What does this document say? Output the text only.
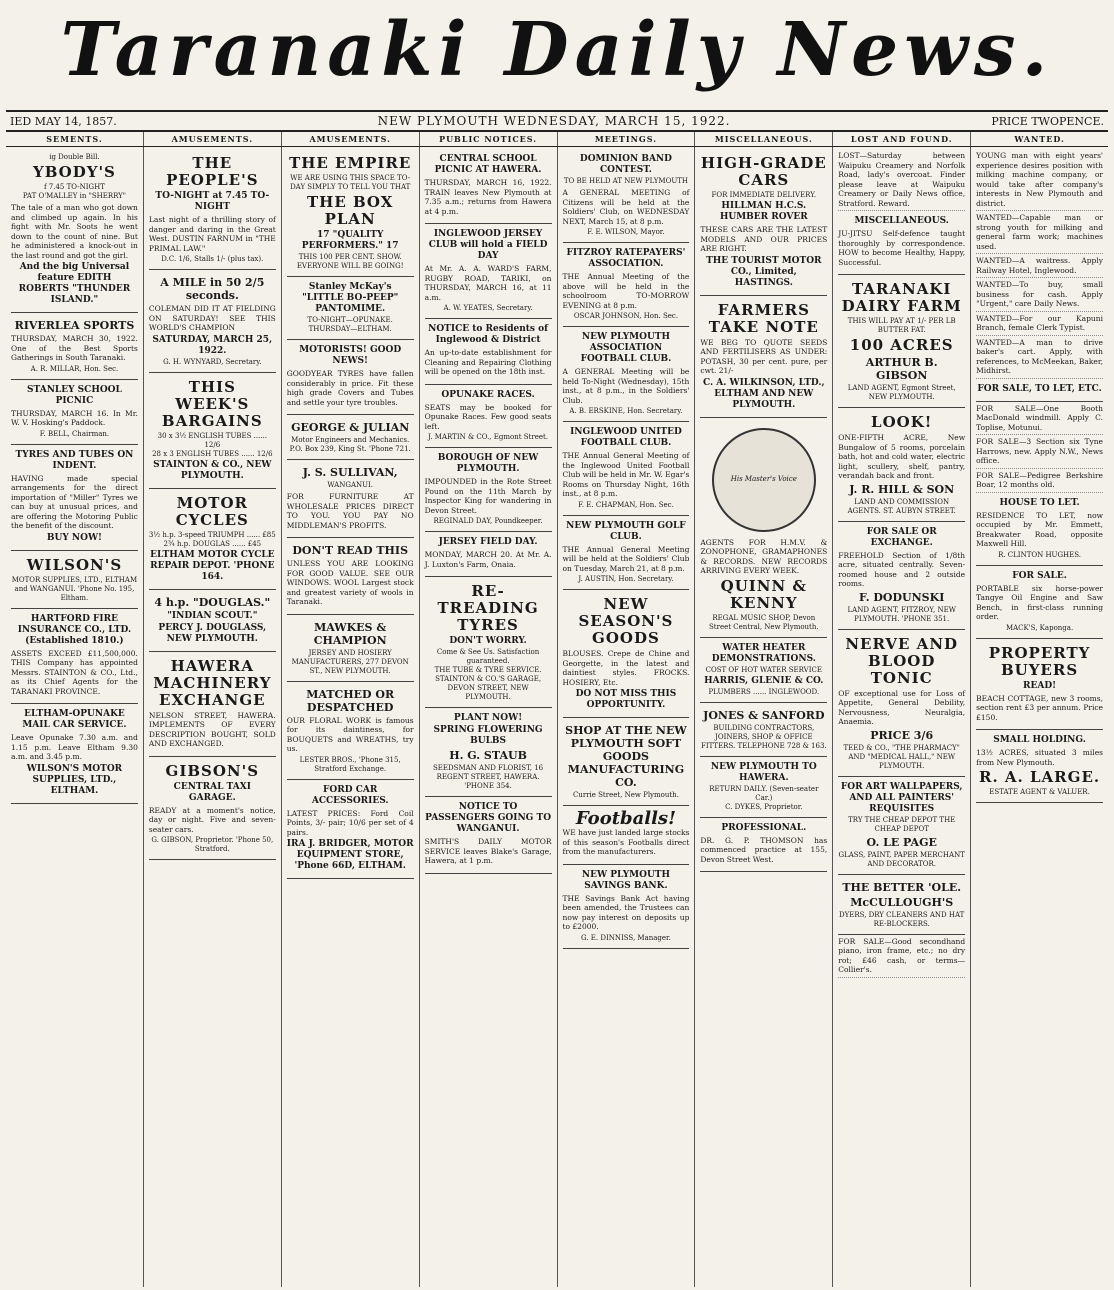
Taranaki Daily News.
IED MAY 14, 1857.	NEW PLYMOUTH WEDNESDAY, MARCH 15, 1922.	PRICE TWOPENCE.
SEMENTS.	AMUSEMENTS.	AMUSEMENTS.	PUBLIC NOTICES.	MEETINGS.	MISCELLANEOUS.	LOST AND FOUND.	WANTED.
ig Double Bill.
YBODY'S
f 7.45 TO-NIGHT
PAT O'MALLEY in "SHERRY"
The tale of a man who got down and climbed up again. In his fight with Mr. Soots he went down to the count of nine. But he administered a knock-out in the last round and got the girl.
And the big Universal feature EDITH ROBERTS "THUNDER ISLAND."
RIVERLEA SPORTS
THURSDAY, MARCH 30, 1922. One of the Best Sports Gatherings in South Taranaki.
A. R. MILLAR, Hon. Sec.
STANLEY SCHOOL PICNIC
THURSDAY, MARCH 16. In Mr. W. V. Hosking's Paddock.
F. BELL, Chairman.
TYRES AND TUBES ON INDENT.
HAVING made special arrangements for the direct importation of "Miller" Tyres we can buy at unusual prices, and are offering the Motoring Public the benefit of the discount.
BUY NOW!
WILSON'S
MOTOR SUPPLIES, LTD., ELTHAM and WANGANUI. 'Phone No. 195, Eltham.
HARTFORD FIRE INSURANCE CO., LTD. (Established 1810.)
ASSETS EXCEED £11,500,000. THIS Company has appointed Messrs. STAINTON & CO., Ltd., as its Chief Agents for the TARANAKI PROVINCE.
ELTHAM-OPUNAKE MAIL CAR SERVICE.
Leave Opunake 7.30 a.m. and 1.15 p.m. Leave Eltham 9.30 a.m. and 3.45 p.m.
WILSON'S MOTOR SUPPLIES, LTD., ELTHAM.
THE PEOPLE'S
TO-NIGHT at 7.45 TO-NIGHT
Last night of a thrilling story of danger and daring in the Great West. DUSTIN FARNUM in "THE PRIMAL LAW."
D.C. 1/6, Stalls 1/- (plus tax).
A MILE in 50 2/5 seconds.
COLEMAN DID IT AT FIELDING ON SATURDAY! SEE THIS WORLD'S CHAMPION
SATURDAY, MARCH 25, 1922.
G. H. WYNYARD, Secretary.
THIS WEEK'S BARGAINS
30 x 3½ ENGLISH TUBES ...... 12/6
28 x 3 ENGLISH TUBES ...... 12/6
STAINTON & CO., NEW PLYMOUTH.
MOTOR CYCLES
3½ h.p. 3-speed TRIUMPH ...... £85
2¾ h.p. DOUGLAS ...... £45
ELTHAM MOTOR CYCLE REPAIR DEPOT. 'PHONE 164.
4 h.p. "DOUGLAS."
"INDIAN SCOUT."
PERCY J. DOUGLASS, NEW PLYMOUTH.
HAWERA MACHINERY EXCHANGE
NELSON STREET, HAWERA. IMPLEMENTS OF EVERY DESCRIPTION BOUGHT, SOLD AND EXCHANGED.
GIBSON'S
CENTRAL TAXI GARAGE.
READY at a moment's notice, day or night. Five and seven-seater cars.
G. GIBSON, Proprietor. 'Phone 50, Stratford.
THE EMPIRE
WE ARE USING THIS SPACE TO-DAY SIMPLY TO TELL YOU THAT
THE BOX PLAN
17 "QUALITY PERFORMERS." 17
THIS 100 PER CENT. SHOW. EVERYONE WILL BE GOING!
Stanley McKay's "LITTLE BO-PEEP" PANTOMIME.
TO-NIGHT—OPUNAKE. THURSDAY—ELTHAM.
MOTORISTS! GOOD NEWS!
GOODYEAR TYRES have fallen considerably in price. Fit these high grade Covers and Tubes and settle your tyre troubles.
GEORGE & JULIAN
Motor Engineers and Mechanics. P.O. Box 239, King St. 'Phone 721.
J. S. SULLIVAN,
WANGANUI.
FOR FURNITURE AT WHOLESALE PRICES DIRECT TO YOU. YOU PAY NO MIDDLEMAN'S PROFITS.
DON'T READ THIS
UNLESS YOU ARE LOOKING FOR GOOD VALUE. SEE OUR WINDOWS. WOOL Largest stock and greatest variety of wools in Taranaki.
MAWKES & CHAMPION
JERSEY AND HOSIERY MANUFACTURERS, 277 DEVON ST., NEW PLYMOUTH.
MATCHED OR DESPATCHED
OUR FLORAL WORK is famous for its daintiness, for BOUQUETS and WREATHS, try us.
LESTER BROS., 'Phone 315, Stratford Exchange.
FORD CAR ACCESSORIES.
LATEST PRICES: Ford Coil Points, 3/- pair; 10/6 per set of 4 pairs.
IRA J. BRIDGER, MOTOR EQUIPMENT STORE, 'Phone 66D, ELTHAM.
CENTRAL SCHOOL PICNIC AT HAWERA.
THURSDAY, MARCH 16, 1922. TRAIN leaves New Plymouth at 7.35 a.m.; returns from Hawera at 4 p.m.
INGLEWOOD JERSEY CLUB will hold a FIELD DAY
At Mr. A. A. WARD'S FARM, RUGBY ROAD, TARIKI, on THURSDAY, MARCH 16, at 11 a.m.
A. W. YEATES, Secretary.
NOTICE to Residents of Inglewood & District
An up-to-date establishment for Cleaning and Repairing Clothing will be opened on the 18th inst.
OPUNAKE RACES.
SEATS may be booked for Opunake Races. Few good seats left.
J. MARTIN & CO., Egmont Street.
BOROUGH OF NEW PLYMOUTH.
IMPOUNDED in the Rote Street Pound on the 11th March by Inspector King for wandering in Devon Street.
REGINALD DAY, Poundkeeper.
JERSEY FIELD DAY.
MONDAY, MARCH 20. At Mr. A. J. Luxton's Farm, Onaia.
RE-TREADING TYRES
DON'T WORRY.
Come & See Us. Satisfaction guaranteed.
THE TUBE & TYRE SERVICE. STAINTON & CO.'S GARAGE, DEVON STREET, NEW PLYMOUTH.
PLANT NOW!
SPRING FLOWERING BULBS
H. G. STAUB
SEEDSMAN AND FLORIST, 16 REGENT STREET, HAWERA. 'PHONE 354.
NOTICE TO PASSENGERS GOING TO WANGANUI.
SMITH'S DAILY MOTOR SERVICE leaves Blake's Garage, Hawera, at 1 p.m.
DOMINION BAND CONTEST.
TO BE HELD AT NEW PLYMOUTH
A GENERAL MEETING of Citizens will be held at the Soldiers' Club, on WEDNESDAY NEXT, March 15, at 8 p.m.
F. E. WILSON, Mayor.
FITZROY RATEPAYERS' ASSOCIATION.
THE Annual Meeting of the above will be held in the schoolroom TO-MORROW EVENING at 8 p.m.
OSCAR JOHNSON, Hon. Sec.
NEW PLYMOUTH ASSOCIATION FOOTBALL CLUB.
A GENERAL Meeting will be held To-Night (Wednesday), 15th inst., at 8 p.m., in the Soldiers' Club.
A. B. ERSKINE, Hon. Secretary.
INGLEWOOD UNITED FOOTBALL CLUB.
THE Annual General Meeting of the Inglewood United Football Club will be held in Mr. W. Egar's Rooms on Thursday Night, 16th inst., at 8 p.m.
F. E. CHAPMAN, Hon. Sec.
NEW PLYMOUTH GOLF CLUB.
THE Annual General Meeting will be held at the Soldiers' Club on Tuesday, March 21, at 8 p.m.
J. AUSTIN, Hon. Secretary.
NEW SEASON'S GOODS
BLOUSES. Crepe de Chine and Georgette, in the latest and daintiest styles. FROCKS. HOSIERY, Etc.
DO NOT MISS THIS OPPORTUNITY.
SHOP AT THE NEW PLYMOUTH SOFT GOODS MANUFACTURING CO.
Currie Street, New Plymouth.
Footballs!
WE have just landed large stocks of this season's Footballs direct from the manufacturers.
NEW PLYMOUTH SAVINGS BANK.
THE Savings Bank Act having been amended, the Trustees can now pay interest on deposits up to £2000.
G. E. DINNISS, Manager.
HIGH-GRADE CARS
FOR IMMEDIATE DELIVERY.
HILLMAN H.C.S. HUMBER ROVER
THESE CARS ARE THE LATEST MODELS AND OUR PRICES ARE RIGHT.
THE TOURIST MOTOR CO., Limited, HASTINGS.
FARMERS TAKE NOTE
WE BEG TO QUOTE SEEDS AND FERTILISERS AS UNDER: POTASH, 30 per cent. pure, per cwt. 21/-
C. A. WILKINSON, LTD., ELTHAM AND NEW PLYMOUTH.
His Master's Voice
AGENTS FOR H.M.V. & ZONOPHONE, GRAMAPHONES & RECORDS. NEW RECORDS ARRIVING EVERY WEEK.
QUINN & KENNY
REGAL MUSIC SHOP, Devon Street Central, New Plymouth.
WATER HEATER DEMONSTRATIONS.
COST OF HOT WATER SERVICE
HARRIS, GLENIE & CO.
PLUMBERS ...... INGLEWOOD.
JONES & SANFORD
BUILDING CONTRACTORS, JOINERS, SHOP & OFFICE FITTERS. TELEPHONE 728 & 163.
NEW PLYMOUTH TO HAWERA.
RETURN DAILY. (Seven-seater Car.)
C. DYKES, Proprietor.
PROFESSIONAL.
DR. G. P. THOMSON has commenced practice at 155, Devon Street West.
LOST—Saturday between Waipuku Creamery and Norfolk Road, lady's overcoat. Finder please leave at Waipuku Creamery or Daily News office, Stratford. Reward.
MISCELLANEOUS.
JU-JITSU Self-defence taught thoroughly by correspondence. HOW to become Healthy, Happy, Successful.
TARANAKI DAIRY FARM
THIS WILL PAY AT 1/- PER LB BUTTER FAT.
100 ACRES
ARTHUR B. GIBSON
LAND AGENT, Egmont Street, NEW PLYMOUTH.
LOOK!
ONE-FIFTH ACRE, New Bungalow of 5 rooms, porcelain bath, hot and cold water, electric light, scullery, shelf, pantry, verandah back and front.
J. R. HILL & SON
LAND AND COMMISSION AGENTS. ST. AUBYN STREET.
FOR SALE OR EXCHANGE.
FREEHOLD Section of 1/8th acre, situated centrally. Seven-roomed house and 2 outside rooms.
F. DODUNSKI
LAND AGENT, FITZROY, NEW PLYMOUTH. 'PHONE 351.
NERVE AND BLOOD TONIC
OF exceptional use for Loss of Appetite, General Debility, Nervousness, Neuralgia, Anaemia.
PRICE 3/6
TEED & CO., "THE PHARMACY" AND "MEDICAL HALL," NEW PLYMOUTH.
FOR ART WALLPAPERS, AND ALL PAINTERS' REQUISITES
TRY THE CHEAP DEPOT THE CHEAP DEPOT
O. LE PAGE
GLASS, PAINT, PAPER MERCHANT AND DECORATOR.
THE BETTER 'OLE.
McCULLOUGH'S
DYERS, DRY CLEANERS AND HAT RE-BLOCKERS.
FOR SALE—Good secondhand piano, iron frame, etc.; no dry rot; £46 cash, or terms—Collier's.
YOUNG man with eight years' experience desires position with milking machine company, or would take after company's interests in New Plymouth and district.
WANTED—Capable man or strong youth for milking and general farm work; machines used.
WANTED—A waitress. Apply Railway Hotel, Inglewood.
WANTED—To buy, small business for cash. Apply "Urgent," care Daily News.
WANTED—For our Kapuni Branch, female Clerk Typist.
WANTED—A man to drive baker's cart. Apply, with references, to McMeekan, Baker, Midhirst.
FOR SALE, TO LET, ETC.
FOR SALE—One Booth MacDonald windmill. Apply C. Toplise, Motunui.
FOR SALE—3 Section six Tyne Harrows, new. Apply N.W., News office.
FOR SALE—Pedigree Berkshire Boar, 12 months old.
HOUSE TO LET.
RESIDENCE TO LET, now occupied by Mr. Emmett, Breakwater Road, opposite Maxwell Hill.
R. CLINTON HUGHES.
FOR SALE.
PORTABLE six horse-power Tangye Oil Engine and Saw Bench, in first-class running order.
MACK'S, Kaponga.
PROPERTY BUYERS
READ!
BEACH COTTAGE, new 3 rooms, section rent £3 per annum. Price £150.
SMALL HOLDING.
13½ ACRES, situated 3 miles from New Plymouth.
R. A. LARGE.
ESTATE AGENT & VALUER.
